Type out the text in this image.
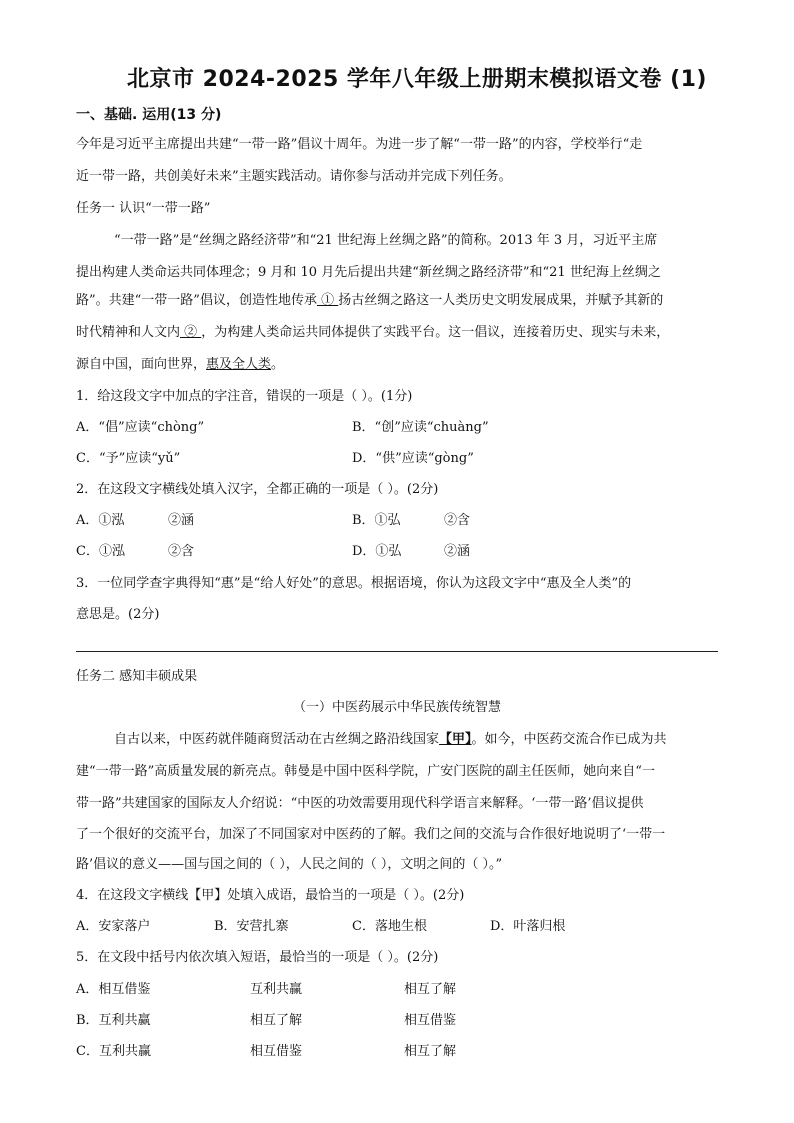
北京市 2024-2025 学年八年级上册期末模拟语文卷 (1)
一、基础. 运用(13 分)
今年是习近平主席提出共建“一带一路”倡议十周年。为进一步了解“一带一路”的内容，学校举行“走
近一带一路，共创美好未来”主题实践活动。请你参与活动并完成下列任务。
任务一 认识“一带一路”
“一带一路”是“丝绸之路经济带”和“21 世纪海上丝绸之路”的简称。2013 年 3 月，习近平主席
提出构建人类命运共同体理念；9 月和 10 月先后提出共建“新丝绸之路经济带”和“21 世纪海上丝绸之
路”。共建“一带一路”倡议，创造性地传承 ① 扬古丝绸之路这一人类历史文明发展成果，并赋予其新的
时代精神和人文内 ② ，为构建人类命运共同体提供了实践平台。这一倡议，连接着历史、现实与未来，
源自中国，面向世界，惠及全人类。
1．给这段文字中加点的字注音，错误的一项是（ ）。(1分)
A．“倡”应读“chòng”	B．“创”应读“chuàng”
C．“予”应读“yǔ”	D．“供”应读“gòng”
2．在这段文字横线处填入汉字，全都正确的一项是（ ）。(2分)
A．①泓	②涵	B．①弘	②含
C．①泓	②含	D．①弘	②涵
3．一位同学查字典得知“惠”是“给人好处”的意思。根据语境，你认为这段文字中“惠及全人类”的
意思是。(2分)
任务二 感知丰硕成果
（一）中医药展示中华民族传统智慧
自古以来，中医药就伴随商贸活动在古丝绸之路沿线国家【甲】。如今，中医药交流合作已成为共
建“一带一路”高质量发展的新亮点。韩曼是中国中医科学院，广安门医院的副主任医师，她向来自“一
带一路”共建国家的国际友人介绍说：“中医的功效需要用现代科学语言来解释。‘一带一路’倡议提供
了一个很好的交流平台，加深了不同国家对中医药的了解。我们之间的交流与合作很好地说明了‘一带一
路’倡议的意义——国与国之间的（ ），人民之间的（ ），文明之间的（ ）。”
4．在这段文字横线【甲】处填入成语，最恰当的一项是（ ）。(2分)
A．安家落户	B．安营扎寨	C．落地生根	D．叶落归根
5．在文段中括号内依次填入短语，最恰当的一项是（ ）。(2分)
A．相互借鉴	互利共赢	相互了解
B．互利共赢	相互了解	相互借鉴
C．互利共赢	相互借鉴	相互了解
